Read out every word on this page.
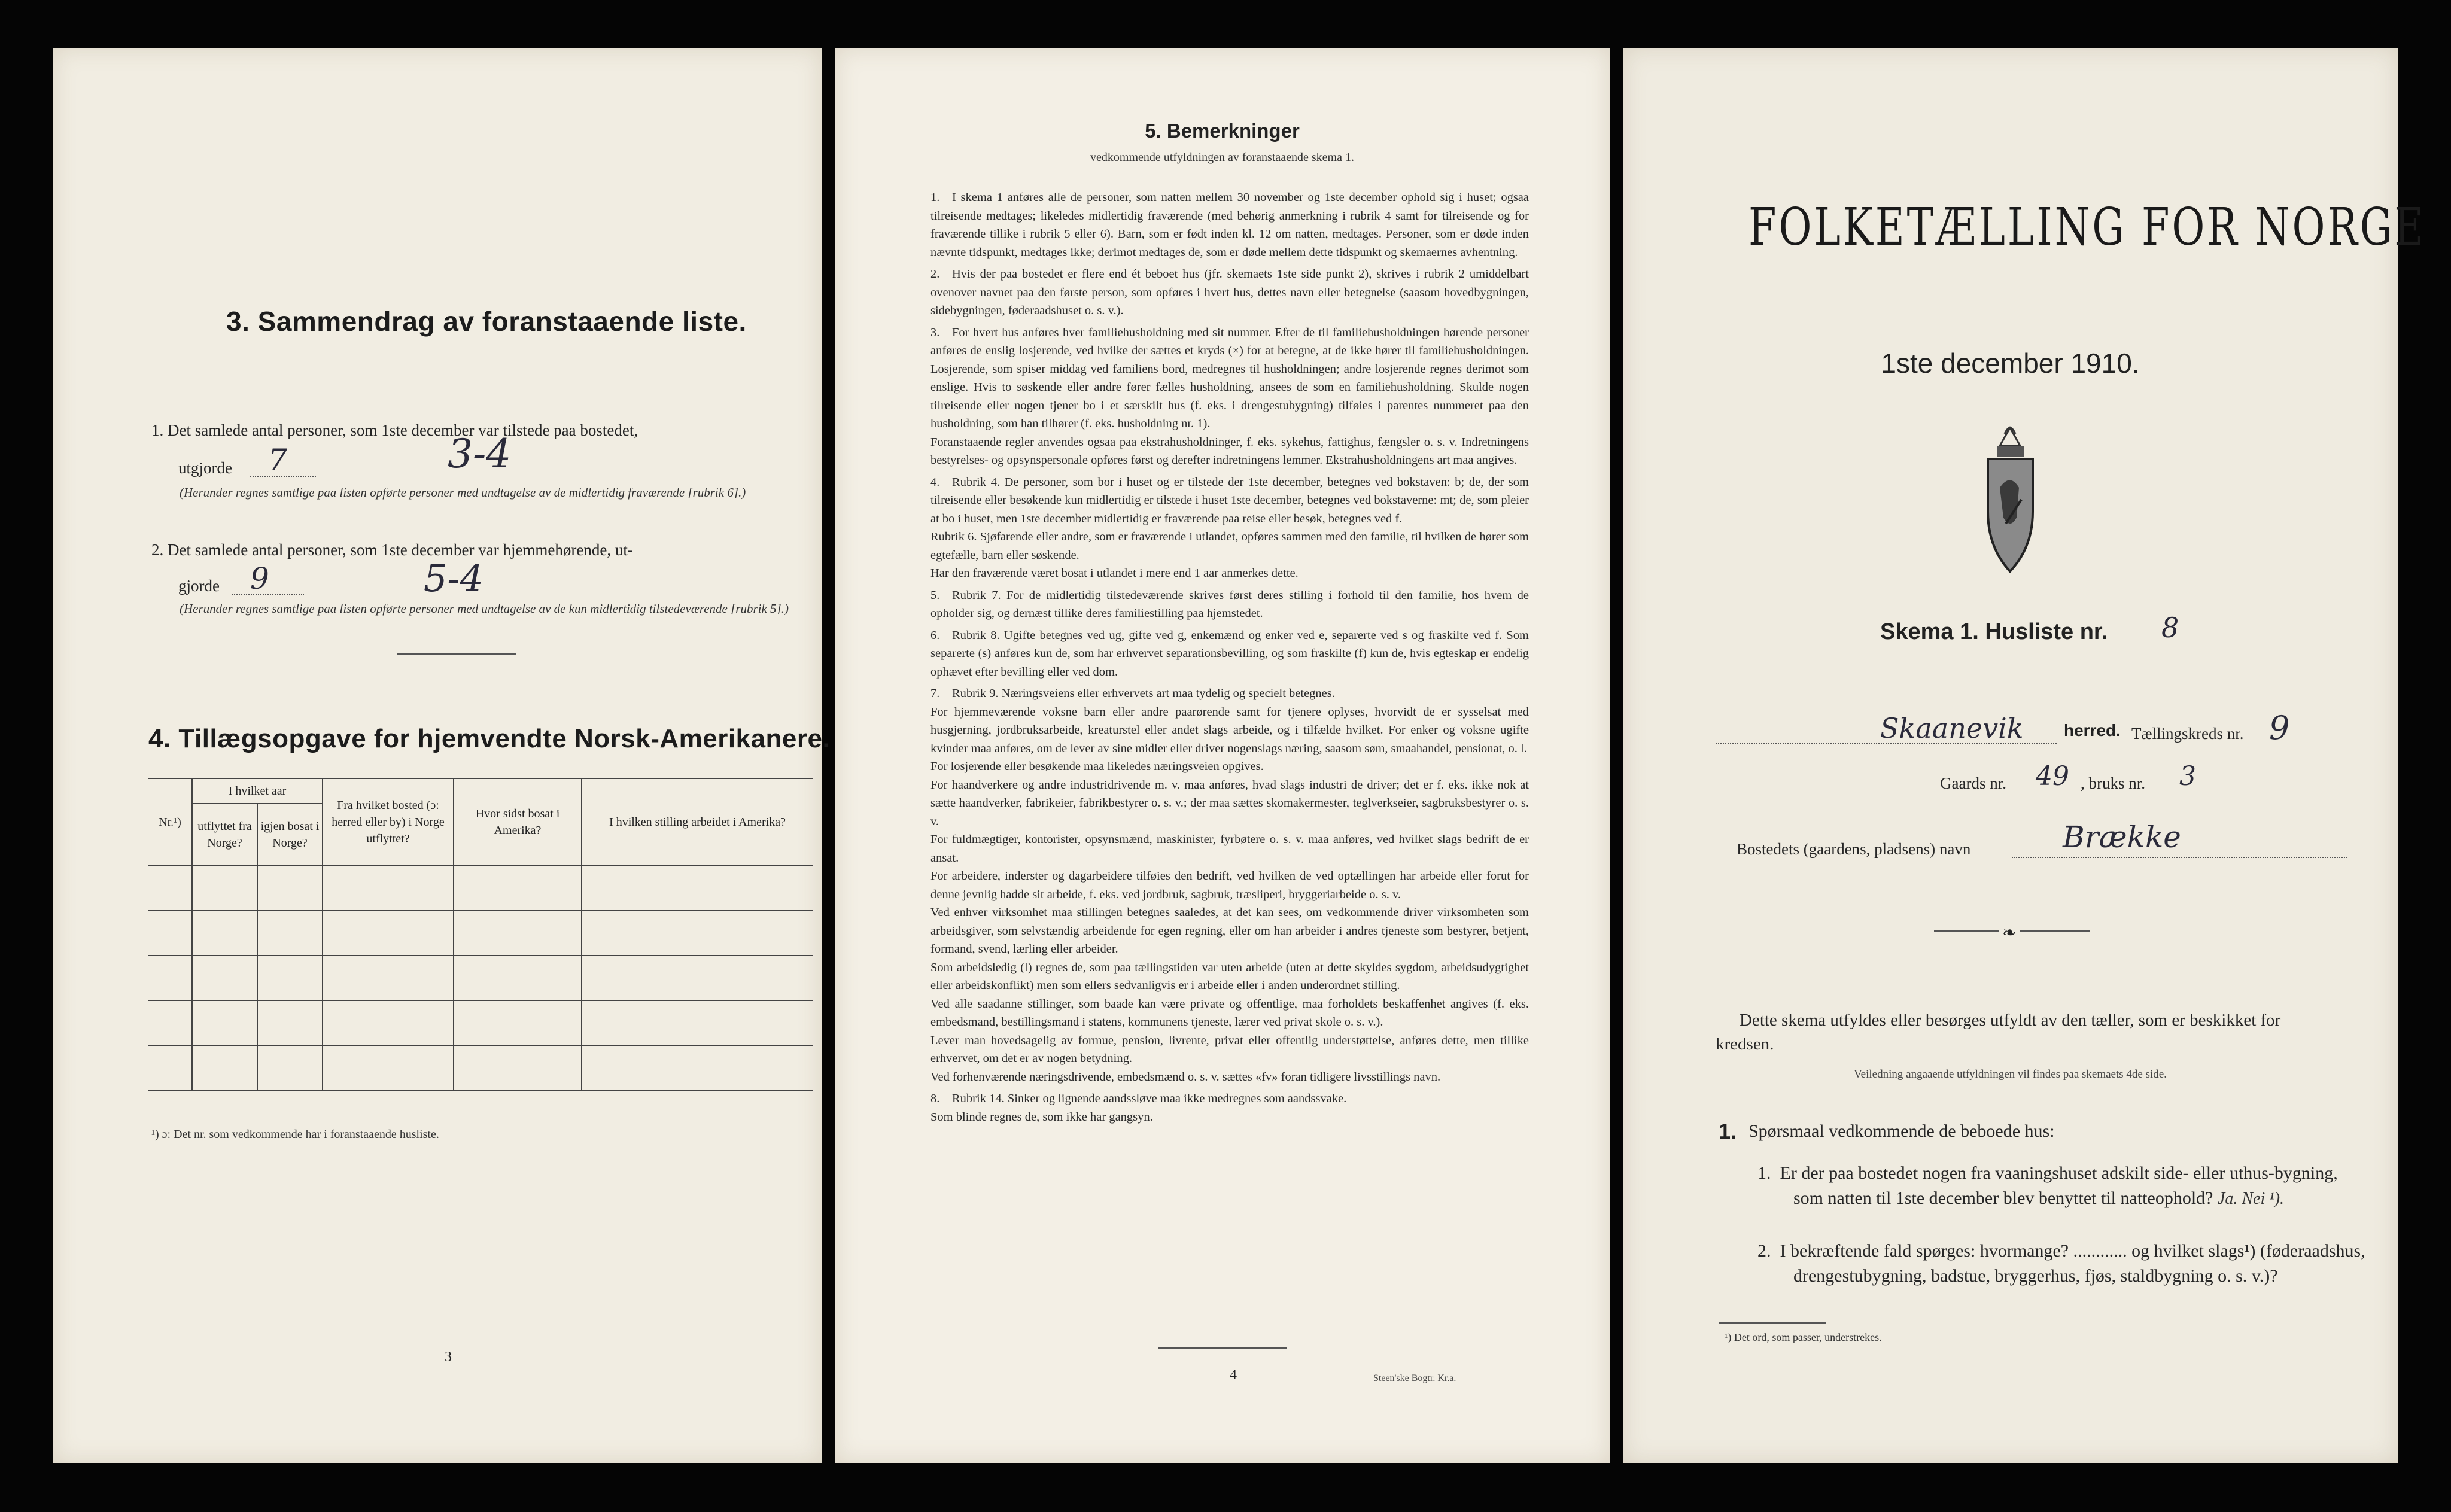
3. Sammendrag av foranstaaende liste.
1. Det samlede antal personer, som 1ste december var tilstede paa bostedet,
utgjorde 7	3-4
(Herunder regnes samtlige paa listen opførte personer med undtagelse av de midlertidig fraværende [rubrik 6].)
2. Det samlede antal personer, som 1ste december var hjemmehørende, ut-
gjorde 9	5-4
(Herunder regnes samtlige paa listen opførte personer med undtagelse av de kun midlertidig tilstedeværende [rubrik 5].)
4. Tillægsopgave for hjemvendte Norsk-Amerikanere.
Nr.¹)	I hvilket aar		Fra hvilket bosted (ɔ: herred eller by) i Norge utflyttet?	Hvor sidst bosat i Amerika?	I hvilken stilling arbeidet i Amerika?
	utflyttet fra Norge?	igjen bosat i Norge?			

¹) ɔ: Det nr. som vedkommende har i foranstaaende husliste.
3
5. Bemerkninger
vedkommende utfyldningen av foranstaaende skema 1.

1. I skema 1 anføres alle de personer, som natten mellem 30 november og 1ste december ophold sig i huset; ogsaa tilreisende medtages; likeledes midlertidig fraværende (med behørig anmerkning i rubrik 4 samt for tilreisende og for fraværende tillike i rubrik 5 eller 6). Barn, som er født inden kl. 12 om natten, medtages. Personer, som er døde inden nævnte tidspunkt, medtages ikke; derimot medtages de, som er døde mellem dette tidspunkt og skemaernes avhentning.

2. Hvis der paa bostedet er flere end ét beboet hus (jfr. skemaets 1ste side punkt 2), skrives i rubrik 2 umiddelbart ovenover navnet paa den første person, som opføres i hvert hus, dettes navn eller betegnelse (saasom hovedbygningen, sidebygningen, føderaadshuset o. s. v.).

3. For hvert hus anføres hver familiehusholdning med sit nummer. Efter de til familiehusholdningen hørende personer anføres de enslig losjerende, ved hvilke der sættes et kryds (×) for at betegne, at de ikke hører til familiehusholdningen. Losjerende, som spiser middag ved familiens bord, medregnes til husholdningen; andre losjerende regnes derimot som enslige. Hvis to søskende eller andre fører fælles husholdning, ansees de som en familiehusholdning. Skulde nogen tilreisende eller nogen tjener bo i et særskilt hus (f. eks. i drengestubygning) tilføies i parentes nummeret paa den husholdning, som han tilhører (f. eks. husholdning nr. 1).
Foranstaaende regler anvendes ogsaa paa ekstrahusholdninger, f. eks. sykehus, fattighus, fængsler o. s. v. Indretningens bestyrelses- og opsynspersonale opføres først og derefter indretningens lemmer. Ekstrahusholdningens art maa angives.

4. Rubrik 4. De personer, som bor i huset og er tilstede der 1ste december, betegnes ved bokstaven: b; de, der som tilreisende eller besøkende kun midlertidig er tilstede i huset 1ste december, betegnes ved bokstaverne: mt; de, som pleier at bo i huset, men 1ste december midlertidig er fraværende paa reise eller besøk, betegnes ved f.
Rubrik 6. Sjøfarende eller andre, som er fraværende i utlandet, opføres sammen med den familie, til hvilken de hører som egtefælle, barn eller søskende.
Har den fraværende været bosat i utlandet i mere end 1 aar anmerkes dette.

5. Rubrik 7. For de midlertidig tilstedeværende skrives først deres stilling i forhold til den familie, hos hvem de opholder sig, og dernæst tillike deres familiestilling paa hjemstedet.

6. Rubrik 8. Ugifte betegnes ved ug, gifte ved g, enkemænd og enker ved e, separerte ved s og fraskilte ved f. Som separerte (s) anføres kun de, som har erhvervet separationsbevilling, og som fraskilte (f) kun de, hvis egteskap er endelig ophævet efter bevilling eller ved dom.

7. Rubrik 9. Næringsveiens eller erhvervets art maa tydelig og specielt betegnes.
For hjemmeværende voksne barn eller andre paarørende samt for tjenere oplyses, hvorvidt de er sysselsat med husgjerning, jordbruksarbeide, kreaturstel eller andet slags arbeide, og i tilfælde hvilket. For enker og voksne ugifte kvinder maa anføres, om de lever av sine midler eller driver nogenslags næring, saasom søm, smaahandel, pensionat, o. l.
For losjerende eller besøkende maa likeledes næringsveien opgives.
For haandverkere og andre industridrivende m. v. maa anføres, hvad slags industri de driver; det er f. eks. ikke nok at sætte haandverker, fabrikeier, fabrikbestyrer o. s. v.; der maa sættes skomakermester, teglverkseier, sagbruksbestyrer o. s. v.
For fuldmægtiger, kontorister, opsynsmænd, maskinister, fyrbøtere o. s. v. maa anføres, ved hvilket slags bedrift de er ansat.
For arbeidere, inderster og dagarbeidere tilføies den bedrift, ved hvilken de ved optællingen har arbeide eller forut for denne jevnlig hadde sit arbeide, f. eks. ved jordbruk, sagbruk, træsliperi, bryggeriarbeide o. s. v.
Ved enhver virksomhet maa stillingen betegnes saaledes, at det kan sees, om vedkommende driver virksomheten som arbeidsgiver, som selvstændig arbeidende for egen regning, eller om han arbeider i andres tjeneste som bestyrer, betjent, formand, svend, lærling eller arbeider.
Som arbeidsledig (l) regnes de, som paa tællingstiden var uten arbeide (uten at dette skyldes sygdom, arbeidsudygtighet eller arbeidskonflikt) men som ellers sedvanligvis er i arbeide eller i anden underordnet stilling.
Ved alle saadanne stillinger, som baade kan være private og offentlige, maa forholdets beskaffenhet angives (f. eks. embedsmand, bestillingsmand i statens, kommunens tjeneste, lærer ved privat skole o. s. v.).
Lever man hovedsagelig av formue, pension, livrente, privat eller offentlig understøttelse, anføres dette, men tillike erhvervet, om det er av nogen betydning.
Ved forhenværende næringsdrivende, embedsmænd o. s. v. sættes «fv» foran tidligere livsstillings navn.

8. Rubrik 14. Sinker og lignende aandssløve maa ikke medregnes som aandssvake.
Som blinde regnes de, som ikke har gangsyn.

4	Steen'ske Bogtr. Kr.a.
FOLKETÆLLING FOR NORGE
1ste december 1910.
Skema 1. Husliste nr. 8
Skaanevik herred. Tællingskreds nr. 9
Gaards nr. 49 , bruks nr. 3
Bostedets (gaardens, pladsens) navn	Brække
❧
Dette skema utfyldes eller besørges utfyldt av den tæller, som er beskikket for kredsen.
Veiledning angaaende utfyldningen vil findes paa skemaets 4de side.
1. Spørsmaal vedkommende de beboede hus:
1.  Er der paa bostedet nogen fra vaaningshuset adskilt side- eller uthus-bygning, som natten til 1ste december blev benyttet til natteophold? Ja. Nei ¹).
2.  I bekræftende fald spørges: hvormange? ............ og hvilket slags¹) (føderaadshus, drengestubygning, badstue, bryggerhus, fjøs, staldbygning o. s. v.)?
¹) Det ord, som passer, understrekes.
